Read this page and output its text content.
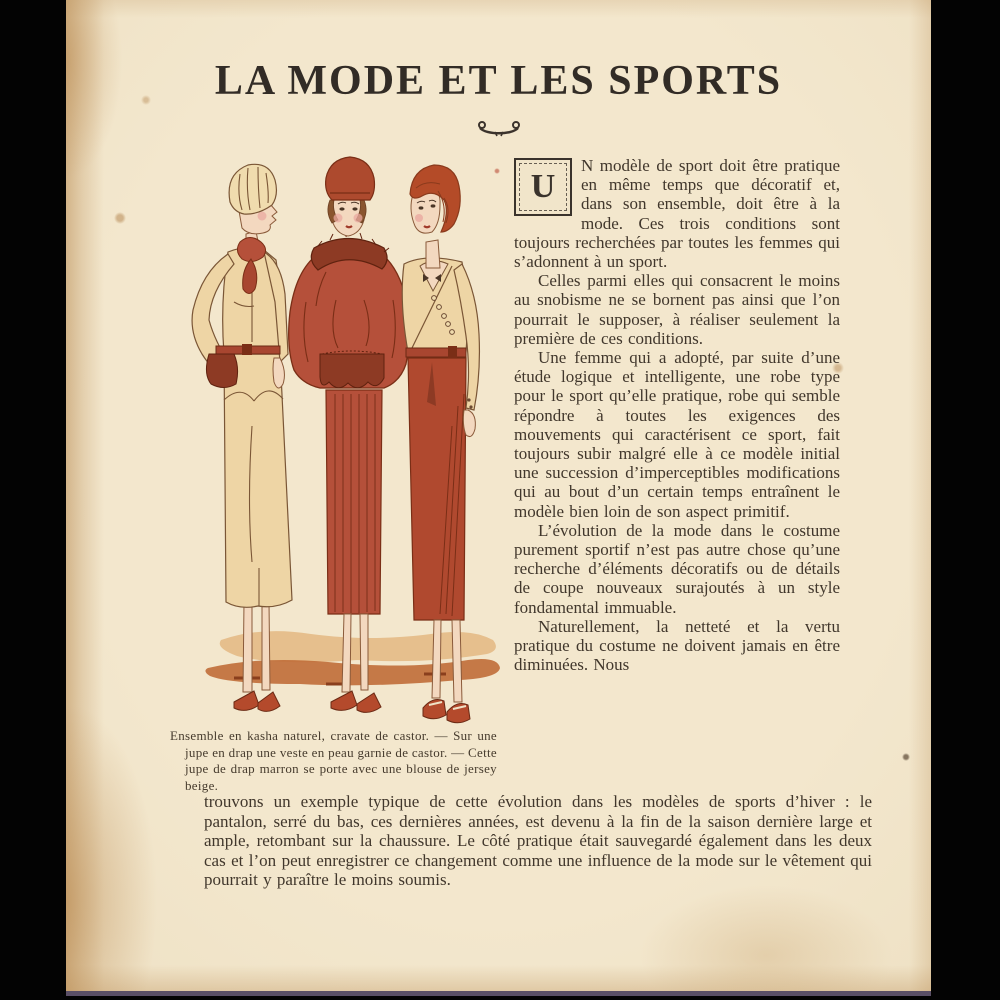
LA MODE ET LES SPORTS
Ensemble en kasha naturel, cravate de castor. — Sur une jupe en drap une veste en peau garnie de castor. — Cette jupe de drap marron se porte avec une blouse de jersey beige.

U
N modèle de sport doit être pratique en même temps que décoratif et, dans son ensemble, doit être à la mode. Ces trois conditions sont toujours recherchées par toutes les femmes qui s’adonnent à un sport.

Celles parmi elles qui consacrent le moins au snobisme ne se bornent pas ainsi que l’on pourrait le supposer, à réaliser seulement la première de ces conditions.

Une femme qui a adopté, par suite d’une étude logique et intelligente, une robe type pour le sport qu’elle pratique, robe qui semble répondre à toutes les exigences des mouvements qui caractérisent ce sport, fait toujours subir malgré elle à ce modèle initial une succession d’imperceptibles modifications qui au bout d’un certain temps entraînent le modèle bien loin de son aspect primitif.

L’évolution de la mode dans le costume purement sportif n’est pas autre chose qu’une recherche d’éléments décoratifs ou de détails de coupe nouveaux surajoutés à un style fondamental immuable.

Naturellement, la netteté et la vertu pratique du costume ne doivent jamais en être diminuées. Nous

trouvons un exemple typique de cette évolution dans les modèles de sports d’hiver : le pantalon, serré du bas, ces dernières années, est devenu à la fin de la saison dernière large et ample, retombant sur la chaussure. Le côté pratique était sauvegardé également dans les deux cas et l’on peut enregistrer ce changement comme une influence de la mode sur le vêtement qui pourrait y paraître le moins soumis.
